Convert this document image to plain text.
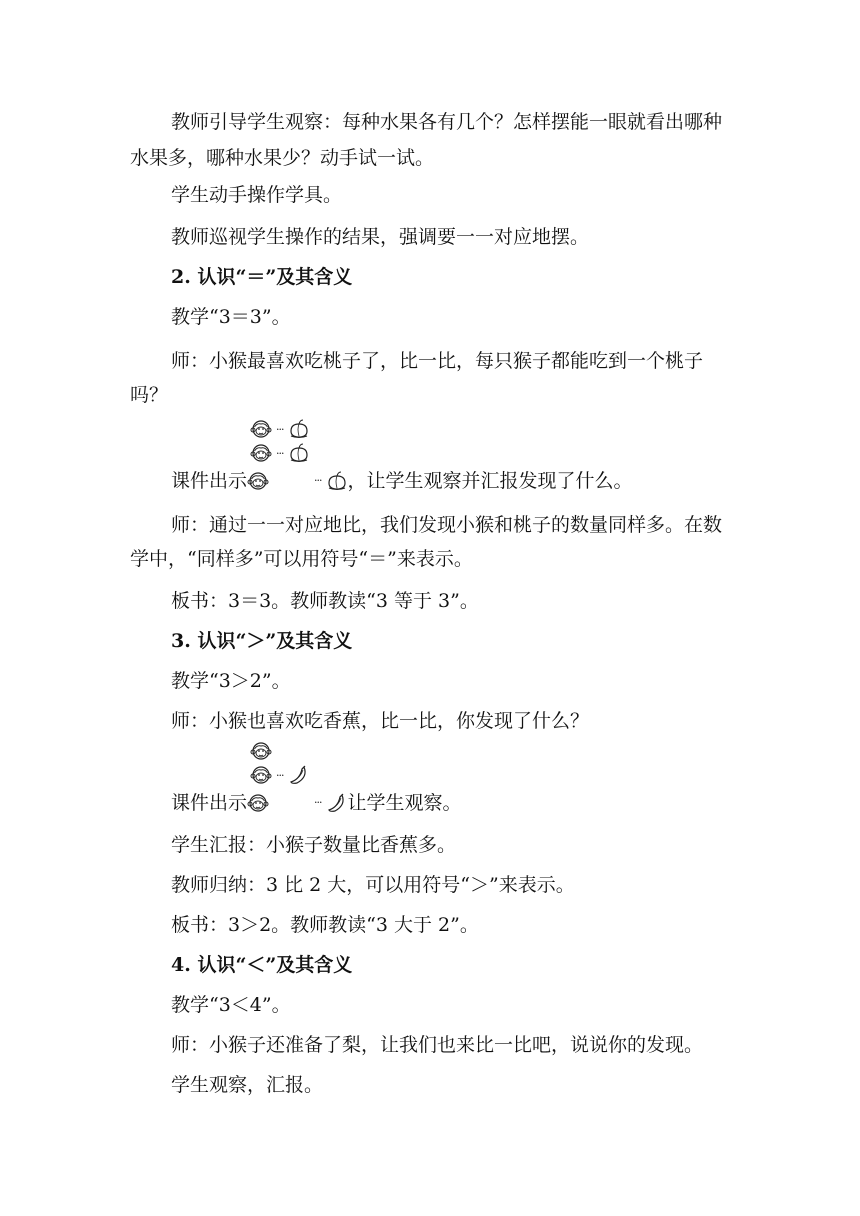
教师引导学生观察：每种水果各有几个？怎样摆能一眼就看出哪种水果多，哪种水果少？动手试一试。
学生动手操作学具。
教师巡视学生操作的结果，强调要一一对应地摆。
2. 认识“＝”及其含义
教学“3＝3”。
师：小猴最喜欢吃桃子了，比一比，每只猴子都能吃到一个桃子吗？
···
···
课件出示	··· ，让学生观察并汇报发现了什么。
师：通过一一对应地比，我们发现小猴和桃子的数量同样多。在数学中，“同样多”可以用符号“＝”来表示。
板书：3＝3。教师教读“3 等于 3”。
3. 认识“＞”及其含义
教学“3＞2”。
师：小猴也喜欢吃香蕉，比一比，你发现了什么？
···
课件出示	··· 让学生观察。
学生汇报：小猴子数量比香蕉多。
教师归纳：3 比 2 大，可以用符号“＞”来表示。
板书：3＞2。教师教读“3 大于 2”。
4. 认识“＜”及其含义
教学“3＜4”。
师：小猴子还准备了梨，让我们也来比一比吧，说说你的发现。
学生观察，汇报。
